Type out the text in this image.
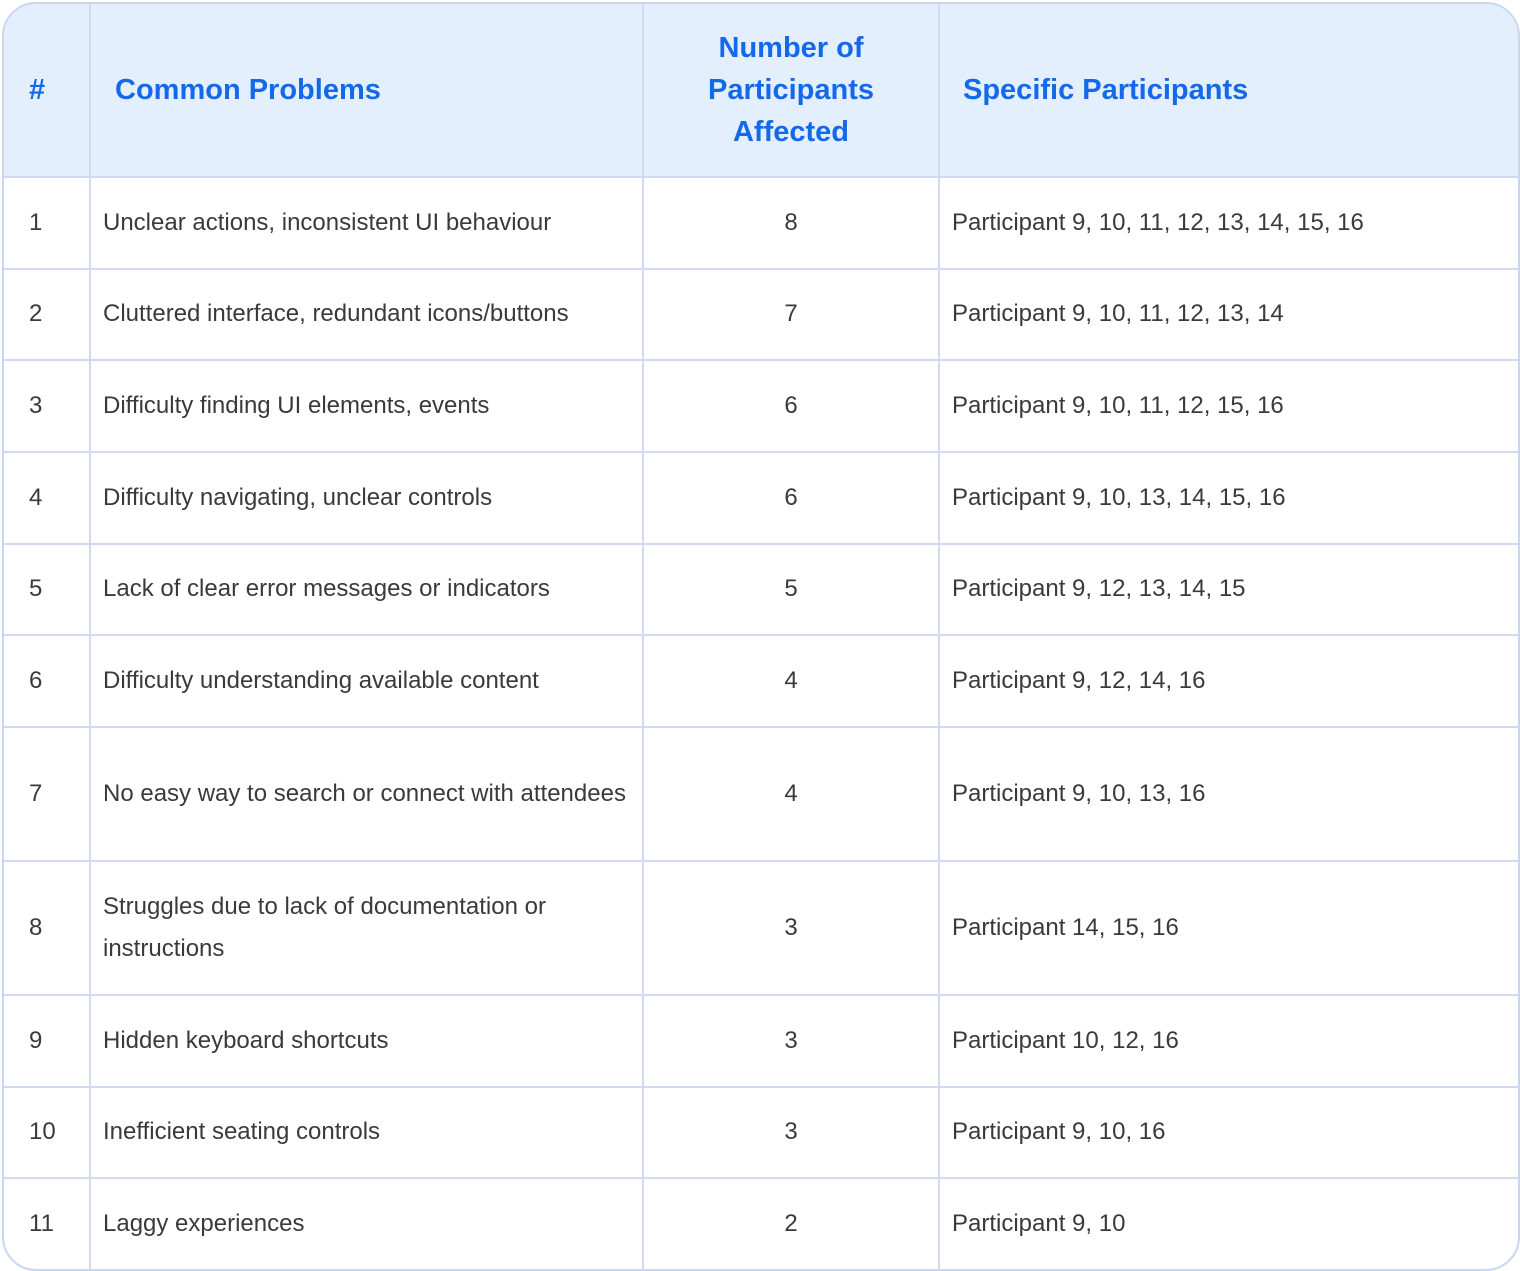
#	Common Problems	Number of Participants Affected	Specific Participants
1	Unclear actions, inconsistent UI behaviour	8	Participant 9, 10, 11, 12, 13, 14, 15, 16
2	Cluttered interface, redundant icons/buttons	7	Participant 9, 10, 11, 12, 13, 14
3	Difficulty finding UI elements, events	6	Participant 9, 10, 11, 12, 15, 16
4	Difficulty navigating, unclear controls	6	Participant 9, 10, 13, 14, 15, 16
5	Lack of clear error messages or indicators	5	Participant 9, 12, 13, 14, 15
6	Difficulty understanding available content	4	Participant 9, 12, 14, 16
7	No easy way to search or connect with attendees	4	Participant 9, 10, 13, 16
8	Struggles due to lack of documentation or instructions	3	Participant 14, 15, 16
9	Hidden keyboard shortcuts	3	Participant 10, 12, 16
10	Inefficient seating controls	3	Participant 9, 10, 16
11	Laggy experiences	2	Participant 9, 10
